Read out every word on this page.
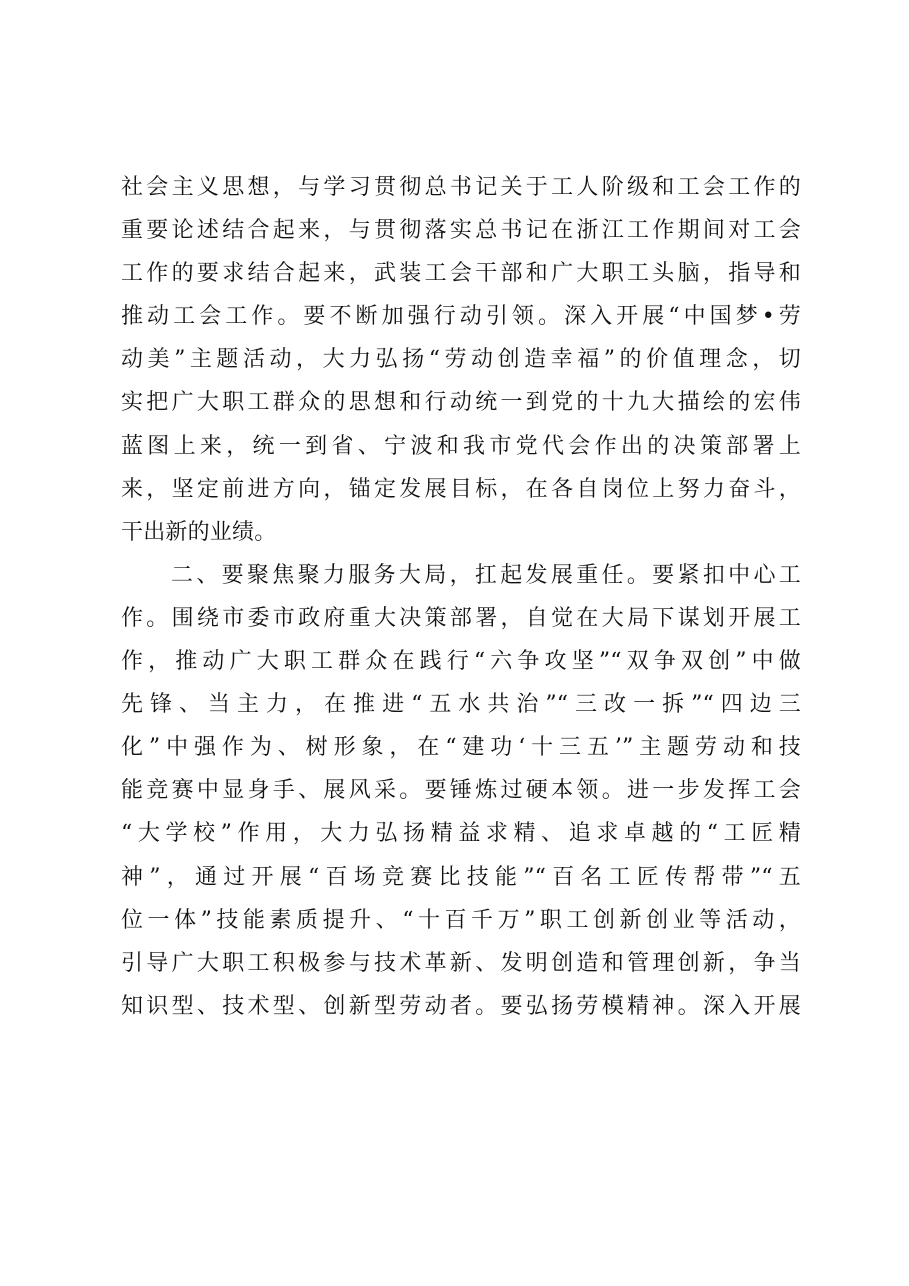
社会主义思想，与学习贯彻总书记关于工人阶级和工会工作的
重要论述结合起来，与贯彻落实总书记在浙江工作期间对工会
工作的要求结合起来，武装工会干部和广大职工头脑，指导和
推动工会工作。要不断加强行动引领。深入开展“中国梦•劳
动美”主题活动，大力弘扬“劳动创造幸福”的价值理念，切
实把广大职工群众的思想和行动统一到党的十九大描绘的宏伟
蓝图上来，统一到省、宁波和我市党代会作出的决策部署上
来，坚定前进方向，锚定发展目标，在各自岗位上努力奋斗，
干出新的业绩。
二、要聚焦聚力服务大局，扛起发展重任。要紧扣中心工
作。围绕市委市政府重大决策部署，自觉在大局下谋划开展工
作，推动广大职工群众在践行“六争攻坚”“双争双创”中做
先锋、当主力，在推进“五水共治”“三改一拆”“四边三
化”中强作为、树形象，在“建功‘十三五’”主题劳动和技
能竞赛中显身手、展风采。要锤炼过硬本领。进一步发挥工会
“大学校”作用，大力弘扬精益求精、追求卓越的“工匠精
神”，通过开展“百场竞赛比技能”“百名工匠传帮带”“五
位一体”技能素质提升、“十百千万”职工创新创业等活动，
引导广大职工积极参与技术革新、发明创造和管理创新，争当
知识型、技术型、创新型劳动者。要弘扬劳模精神。深入开展
